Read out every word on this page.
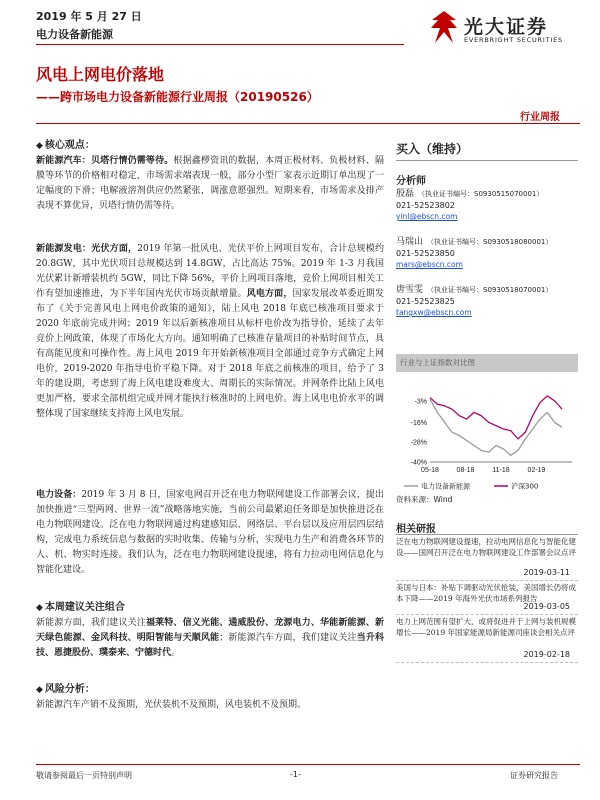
2019 年 5 月 27 日
电力设备新能源	光大证券
EVERBRIGHT SECURITIES
风电上网电价落地
——跨市场电力设备新能源行业周报（20190526）
行业周报
◆ 核心观点：
新能源汽车：贝塔行情仍需等待。根据鑫椤资讯的数据，本周正极材料、负极材料、隔膜等环节的价格相对稳定，市场需求端表现一般，部分小型厂家表示近期订单出现了一定幅度的下滑；电解液溶剂供应仍然紧张，调涨意愿强烈。短期来看，市场需求及排产表现不算优异，贝塔行情仍需等待。
新能源发电：光伏方面，2019 年第一批风电、光伏平价上网项目发布，合计总规模约 20.8GW，其中光伏项目总规模达到 14.8GW，占比高达 75%。2019 年 1-3 月我国光伏累计新增装机约 5GW，同比下降 56%，平价上网项目落地，竞价上网项目相关工作有望加速推进，为下半年国内光伏市场贡献增量。风电方面，国家发展改革委近期发布了《关于完善风电上网电价政策的通知》，陆上风电 2018 年底已核准项目要求于 2020 年底前完成并网；2019 年以后新核准项目从标杆电价改为指导价，延续了去年竞价上网政策，体现了市场化大方向。通知明确了已核准存量项目的补贴时间节点，具有高能见度和可操作性。海上风电 2019 年开始新核准项目全部通过竞争方式确定上网电价，2019-2020 年指导电价平稳下降。对于 2018 年底之前核准的项目，给予了 3 年的建设期，考虑到了海上风电建设难度大、周期长的实际情况。并网条件比陆上风电更加严格，要求全部机组完成并网才能执行核准时的上网电价。海上风电电价水平的调整体现了国家继续支持海上风电发展。
电力设备：2019 年 3 月 8 日，国家电网召开泛在电力物联网建设工作部署会议，提出加快推进“三型两网、世界一流”战略落地实施，当前公司最紧迫任务即是加快推进泛在电力物联网建设。泛在电力物联网通过构建感知层、网络层、平台层以及应用层四层结构，完成电力系统信息与数据的实时收集、传输与分析，实现电力生产和消费各环节的人、机、物实时连接。我们认为，泛在电力物联网建设提速，将有力拉动电网信息化与智能化建设。
◆ 本周建议关注组合
新能源方面，我们建议关注福莱特、信义光能、通威股份、龙源电力、华能新能源、新天绿色能源、金风科技、明阳智能与天顺风能；新能源汽车方面，我们建议关注当升科技、恩捷股份、璞泰来、宁德时代。
◆ 风险分析：
新能源汽车产销不及预期，光伏装机不及预期，风电装机不及预期。
买入（维持）
分析师
殷磊 （执业证书编号：S0930515070001）
021-52523802
yinl@ebscn.com
马瑞山 （执业证书编号：S0930518080001）
021-52523850
mars@ebscn.com
唐雪雯 （执业证书编号：S0930518070001）
021-52523825
tangxw@ebscn.com
行业与上证指数对比图
-3%
-16%
-28%
-40%
05-18	08-18	11-18	02-19
电力设备新能源	沪深300
资料来源：Wind
相关研报
泛在电力物联网建设提速，拉动电网信息化与智能化建设——国网召开泛在电力物联网建设工作部署会议点评
2019-03-11
美国与日本：补贴下调驱动光伏抢装，美国增长仍将成本下降——2019 年海外光伏市场系列报告
2019-03-05
电力上网范围有望扩大，或将促进并于上网与装机规模增长——2019 年国家能源局新能源司座谈会相关点评
2019-02-18
敬请参阅最后一页特别声明	-1-	证券研究报告
